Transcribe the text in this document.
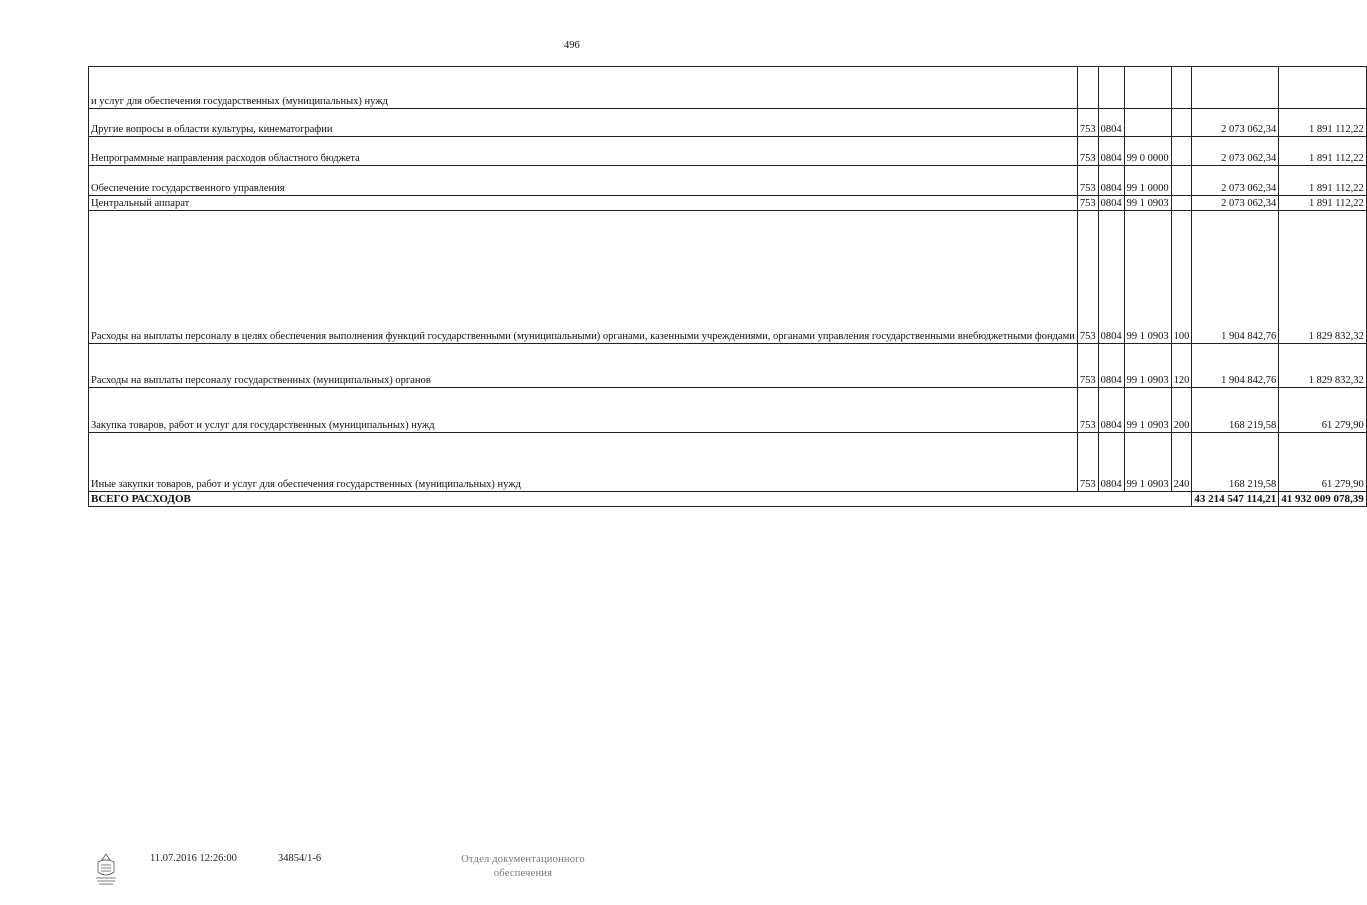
496
и услуг для обеспечения государственных (муниципальных) нужд						
Другие вопросы в области культуры, кинематографии	753	0804			2 073 062,34	1 891 112,22
Непрограммные направления расходов областного бюджета	753	0804	99 0 0000		2 073 062,34	1 891 112,22
Обеспечение государственного управления	753	0804	99 1 0000		2 073 062,34	1 891 112,22
Центральный аппарат	753	0804	99 1 0903		2 073 062,34	1 891 112,22
Расходы на выплаты персоналу в целях обеспечения выполнения функций государственными (муниципальными) органами, казенными учреждениями, органами управления государственными внебюджетными фондами	753	0804	99 1 0903	100	1 904 842,76	1 829 832,32
Расходы на выплаты персоналу государственных (муниципальных) органов	753	0804	99 1 0903	120	1 904 842,76	1 829 832,32
Закупка товаров, работ и услуг для государственных (муниципальных) нужд	753	0804	99 1 0903	200	168 219,58	61 279,90
Иные закупки товаров, работ и услуг для обеспечения государственных (муниципальных) нужд	753	0804	99 1 0903	240	168 219,58	61 279,90
ВСЕГО РАСХОДОВ					43 214 547 114,21	41 932 009 078,39
11.07.2016 12:26:00	34854/1-6	Отдел документационного
обеспечения
